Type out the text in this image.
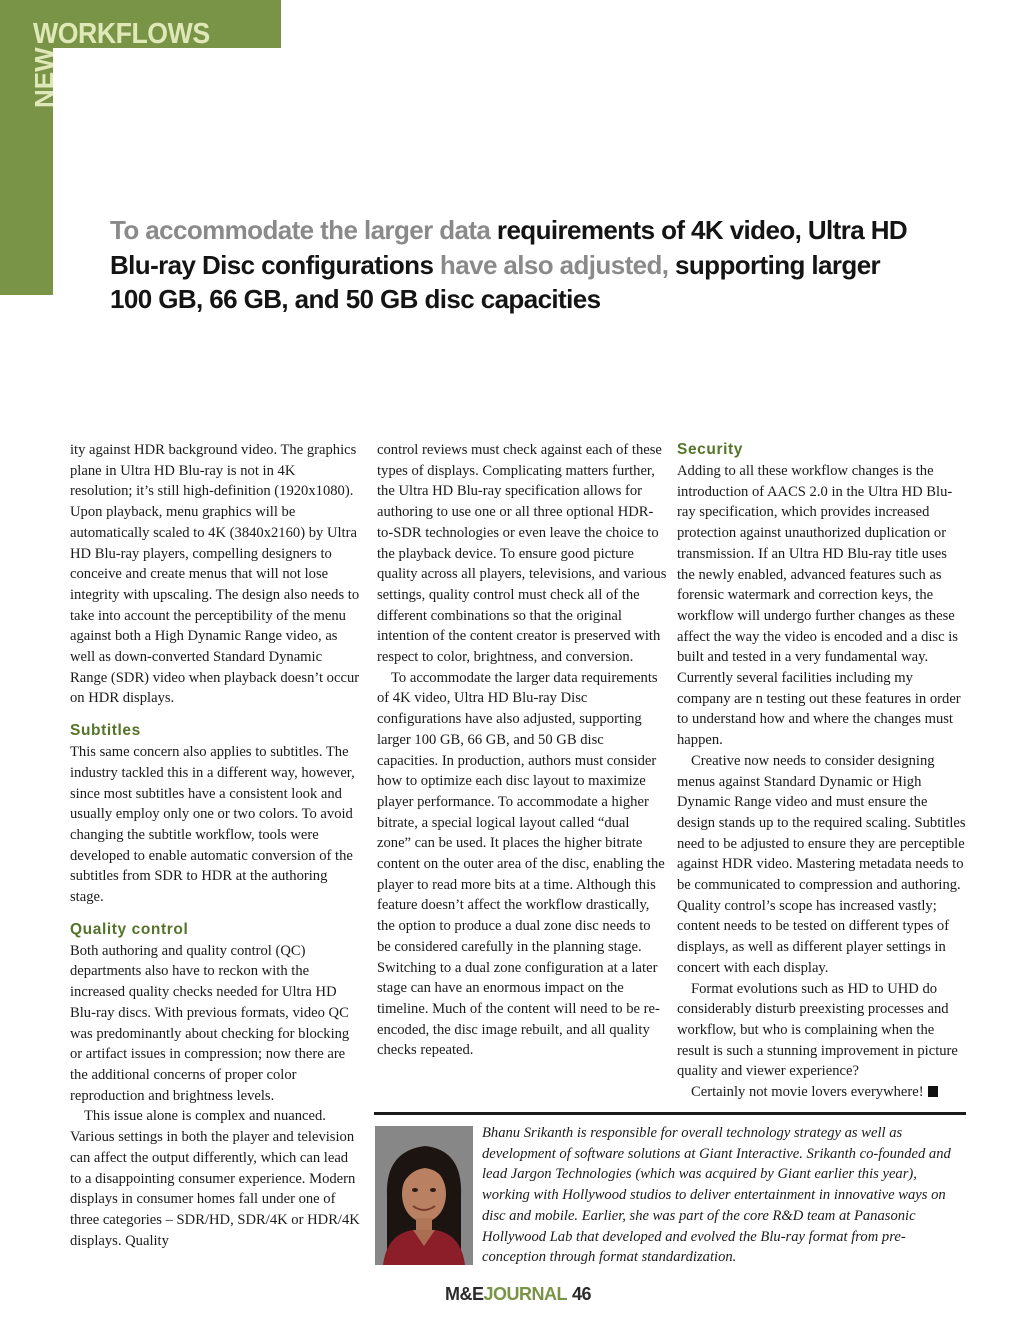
WORKFLOWS
NEW
To accommodate the larger data requirements of 4K video, Ultra HD Blu-ray Disc configurations have also adjusted, supporting larger 100 GB, 66 GB, and 50 GB disc capacities

ity against HDR background video. The graphics plane in Ultra HD Blu-ray is not in 4K resolution; it’s still high-definition (1920x1080). Upon playback, menu graphics will be automatically scaled to 4K (3840x2160) by Ultra HD Blu-ray players, compelling designers to conceive and create menus that will not lose integrity with upscaling. The design also needs to take into account the perceptibility of the menu against both a High Dynamic Range video, as well as down-converted Standard Dynamic Range (SDR) video when playback doesn’t occur on HDR displays.

Subtitles

This same concern also applies to subtitles. The industry tackled this in a different way, however, since most subtitles have a consistent look and usually employ only one or two colors. To avoid changing the subtitle workflow, tools were developed to enable automatic conversion of the subtitles from SDR to HDR at the authoring stage.

Quality control

Both authoring and quality control (QC) departments also have to reckon with the increased quality checks needed for Ultra HD Blu-ray discs. With previous formats, video QC was predominantly about checking for blocking or artifact issues in compression; now there are the additional concerns of proper color reproduction and brightness levels.

This issue alone is complex and nuanced. Various settings in both the player and television can affect the output differently, which can lead to a disappointing consumer experience. Modern displays in consumer homes fall under one of three categories – SDR/HD, SDR/4K or HDR/4K displays. Quality

control reviews must check against each of these types of displays. Complicating matters further, the Ultra HD Blu-ray specification allows for authoring to use one or all three optional HDR-to-SDR technologies or even leave the choice to the playback device. To ensure good picture quality across all players, televisions, and various settings, quality control must check all of the different combinations so that the original intention of the content creator is preserved with respect to color, brightness, and conversion.

To accommodate the larger data requirements of 4K video, Ultra HD Blu-ray Disc configurations have also adjusted, supporting larger 100 GB, 66 GB, and 50 GB disc capacities. In production, authors must consider how to optimize each disc layout to maximize player performance. To accommodate a higher bitrate, a special logical layout called “dual zone” can be used. It places the higher bitrate content on the outer area of the disc, enabling the player to read more bits at a time. Although this feature doesn’t affect the workflow drastically, the option to produce a dual zone disc needs to be considered carefully in the planning stage. Switching to a dual zone configuration at a later stage can have an enormous impact on the timeline. Much of the content will need to be re-encoded, the disc image rebuilt, and all quality checks repeated.

Security

Adding to all these workflow changes is the introduction of AACS 2.0 in the Ultra HD Blu-ray specification, which provides increased protection against unauthorized duplication or transmission. If an Ultra HD Blu-ray title uses the newly enabled, advanced features such as forensic watermark and correction keys, the workflow will undergo further changes as these affect the way the video is encoded and a disc is built and tested in a very fundamental way. Currently several facilities including my company are n testing out these features in order to understand how and where the changes must happen.

Creative now needs to consider designing menus against Standard Dynamic or High Dynamic Range video and must ensure the design stands up to the required scaling. Subtitles need to be adjusted to ensure they are perceptible against HDR video. Mastering metadata needs to be communicated to compression and authoring. Quality control’s scope has increased vastly; content needs to be tested on different types of displays, as well as different player settings in concert with each display.

Format evolutions such as HD to UHD do considerably disturb preexisting processes and workflow, but who is complaining when the result is such a stunning improvement in picture quality and viewer experience?

Certainly not movie lovers everywhere!

Bhanu Srikanth is responsible for overall technology strategy as well as development of software solutions at Giant Interactive. Srikanth co-founded and lead Jargon Technologies (which was acquired by Giant earlier this year), working with Hollywood studios to deliver entertainment in innovative ways on disc and mobile. Earlier, she was part of the core R&D team at Panasonic Hollywood Lab that developed and evolved the Blu-ray format from pre-conception through format standardization.
M&EJOURNAL 46
